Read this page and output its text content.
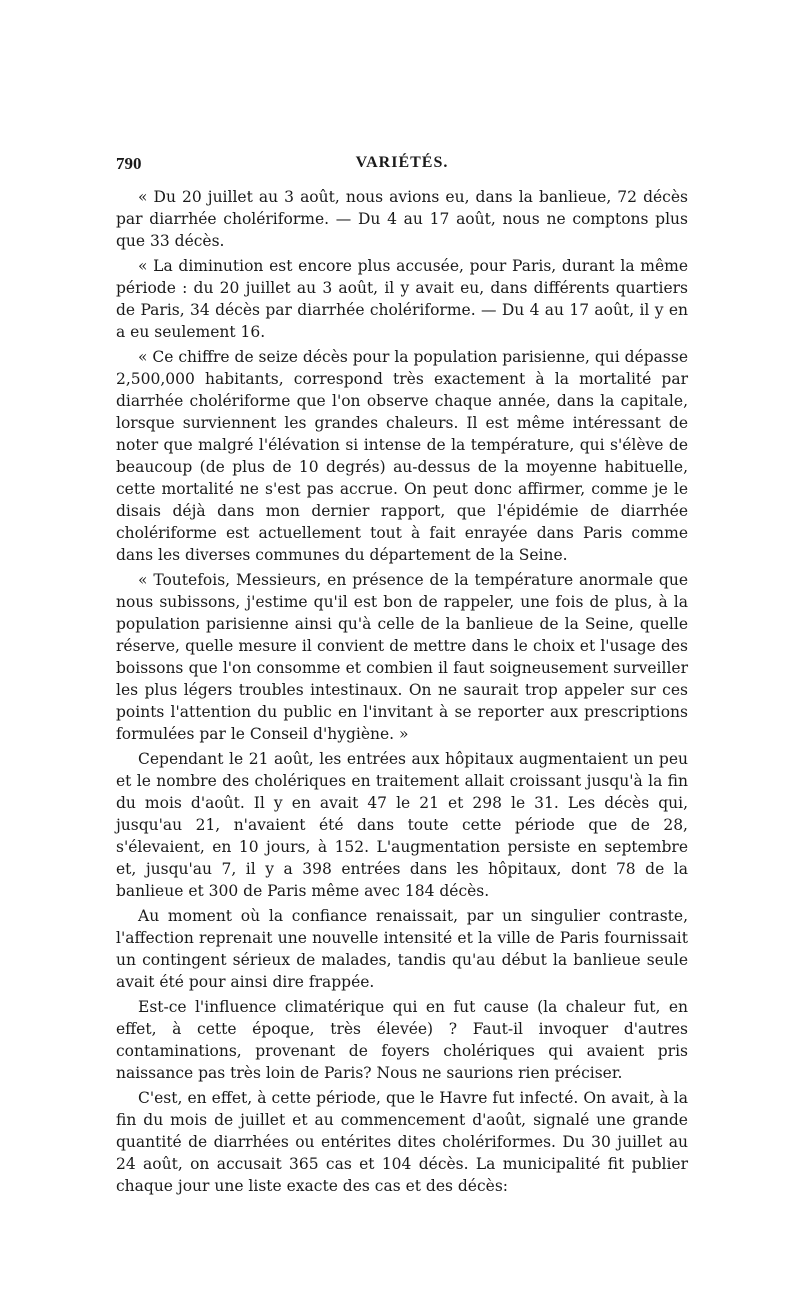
790	VARIÉTÉS.

« Du 20 juillet au 3 août, nous avions eu, dans la banlieue, 72 décès par diarrhée cholériforme. — Du 4 au 17 août, nous ne comptons plus que 33 décès.

« La diminution est encore plus accusée, pour Paris, durant la même période : du 20 juillet au 3 août, il y avait eu, dans différents quartiers de Paris, 34 décès par diarrhée cholériforme. — Du 4 au 17 août, il y en a eu seulement 16.

« Ce chiffre de seize décès pour la population parisienne, qui dépasse 2,500,000 habitants, correspond très exactement à la mortalité par diarrhée cholériforme que l'on observe chaque année, dans la capitale, lorsque surviennent les grandes chaleurs. Il est même intéressant de noter que malgré l'élévation si intense de la température, qui s'élève de beaucoup (de plus de 10 degrés) au-dessus de la moyenne habituelle, cette mortalité ne s'est pas accrue. On peut donc affirmer, comme je le disais déjà dans mon dernier rapport, que l'épidémie de diarrhée cholériforme est actuellement tout à fait enrayée dans Paris comme dans les diverses communes du département de la Seine.

« Toutefois, Messieurs, en présence de la température anormale que nous subissons, j'estime qu'il est bon de rappeler, une fois de plus, à la population parisienne ainsi qu'à celle de la banlieue de la Seine, quelle réserve, quelle mesure il convient de mettre dans le choix et l'usage des boissons que l'on consomme et combien il faut soigneusement surveiller les plus légers troubles intestinaux. On ne saurait trop appeler sur ces points l'attention du public en l'invitant à se reporter aux prescriptions formulées par le Conseil d'hygiène. »

Cependant le 21 août, les entrées aux hôpitaux augmentaient un peu et le nombre des cholériques en traitement allait croissant jusqu'à la fin du mois d'août. Il y en avait 47 le 21 et 298 le 31. Les décès qui, jusqu'au 21, n'avaient été dans toute cette période que de 28, s'élevaient, en 10 jours, à 152. L'augmentation persiste en septembre et, jusqu'au 7, il y a 398 entrées dans les hôpitaux, dont 78 de la banlieue et 300 de Paris même avec 184 décès.

Au moment où la confiance renaissait, par un singulier contraste, l'affection reprenait une nouvelle intensité et la ville de Paris fournissait un contingent sérieux de malades, tandis qu'au début la banlieue seule avait été pour ainsi dire frappée.

Est-ce l'influence climatérique qui en fut cause (la chaleur fut, en effet, à cette époque, très élevée) ? Faut-il invoquer d'autres contaminations, provenant de foyers cholériques qui avaient pris naissance pas très loin de Paris? Nous ne saurions rien préciser.

C'est, en effet, à cette période, que le Havre fut infecté. On avait, à la fin du mois de juillet et au commencement d'août, signalé une grande quantité de diarrhées ou entérites dites cholériformes. Du 30 juillet au 24 août, on accusait 365 cas et 104 décès. La municipalité fit publier chaque jour une liste exacte des cas et des décès:
